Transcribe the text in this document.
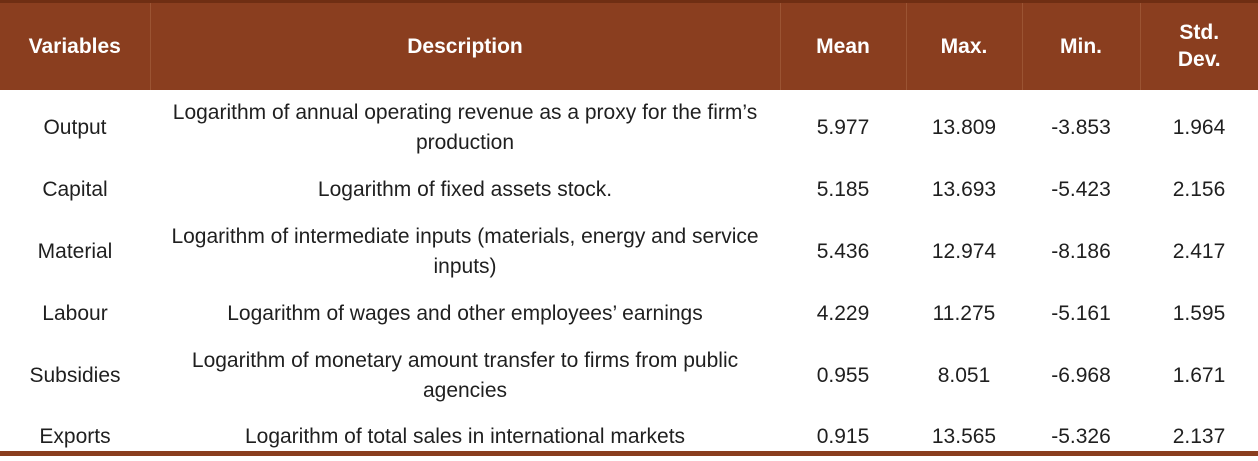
Variables	Description	Mean	Max.	Min.	Std.
Dev.
Output	Logarithm of annual operating revenue as a proxy for the firm’s production	5.977	13.809	-3.853	1.964
Capital	Logarithm of fixed assets stock.	5.185	13.693	-5.423	2.156
Material	Logarithm of intermediate inputs (materials, energy and service inputs)	5.436	12.974	-8.186	2.417
Labour	Logarithm of wages and other employees’ earnings	4.229	11.275	-5.161	1.595
Subsidies	Logarithm of monetary amount transfer to firms from public agencies	0.955	8.051	-6.968	1.671
Exports	Logarithm of total sales in international markets	0.915	13.565	-5.326	2.137
